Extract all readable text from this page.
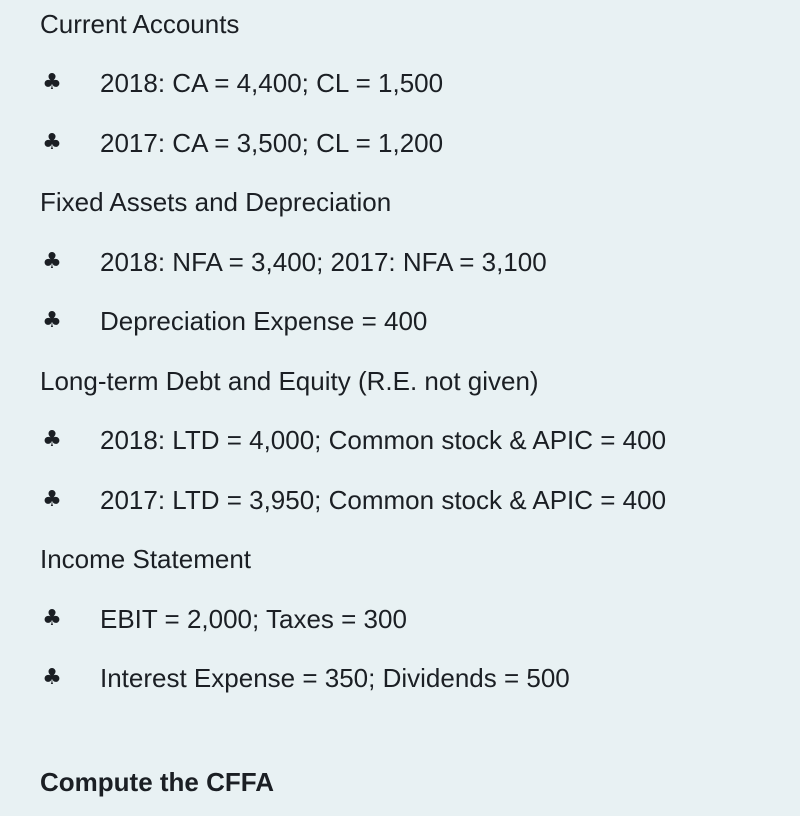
Current Accounts
♣ 2018: CA = 4,400; CL = 1,500
♣ 2017: CA = 3,500; CL = 1,200
Fixed Assets and Depreciation
♣ 2018: NFA = 3,400; 2017: NFA = 3,100
♣ Depreciation Expense = 400
Long-term Debt and Equity (R.E. not given)
♣ 2018: LTD = 4,000; Common stock & APIC = 400
♣ 2017: LTD = 3,950; Common stock & APIC = 400
Income Statement
♣ EBIT = 2,000; Taxes = 300
♣ Interest Expense = 350; Dividends = 500
Compute the CFFA
